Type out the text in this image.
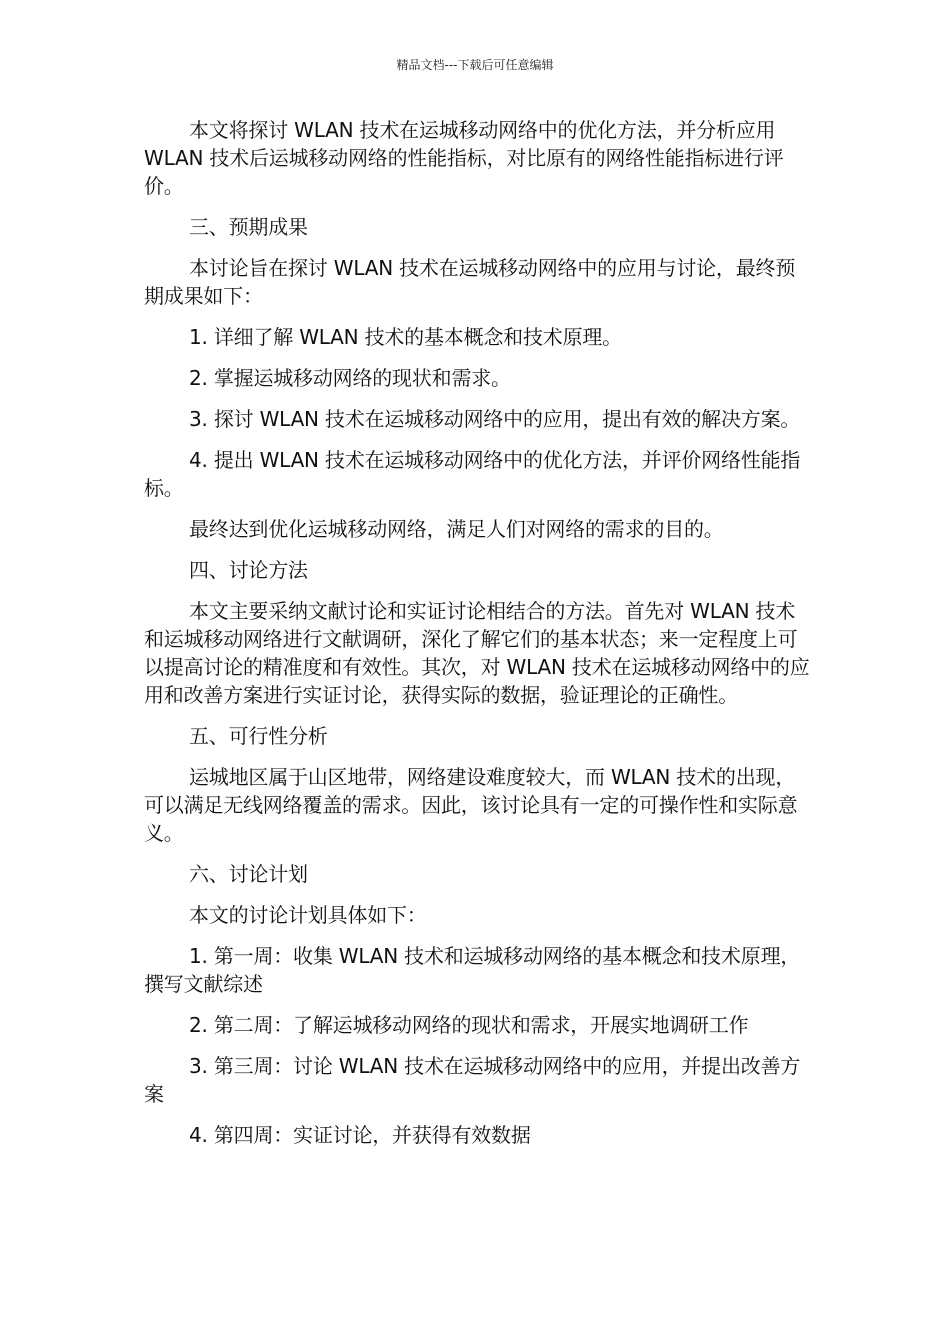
精品文档---下载后可任意编辑

本文将探讨 WLAN 技术在运城移动网络中的优化方法，并分析应用 WLAN 技术后运城移动网络的性能指标，对比原有的网络性能指标进行评价。

三、预期成果

本讨论旨在探讨 WLAN 技术在运城移动网络中的应用与讨论，最终预期成果如下：

1. 详细了解 WLAN 技术的基本概念和技术原理。

2. 掌握运城移动网络的现状和需求。

3. 探讨 WLAN 技术在运城移动网络中的应用，提出有效的解决方案。

4. 提出 WLAN 技术在运城移动网络中的优化方法，并评价网络性能指标。

最终达到优化运城移动网络，满足人们对网络的需求的目的。

四、讨论方法

本文主要采纳文献讨论和实证讨论相结合的方法。首先对 WLAN 技术和运城移动网络进行文献调研，深化了解它们的基本状态；来一定程度上可以提高讨论的精准度和有效性。其次，对 WLAN 技术在运城移动网络中的应用和改善方案进行实证讨论，获得实际的数据，验证理论的正确性。

五、可行性分析

运城地区属于山区地带，网络建设难度较大，而 WLAN 技术的出现，可以满足无线网络覆盖的需求。因此，该讨论具有一定的可操作性和实际意义。

六、讨论计划

本文的讨论计划具体如下：

1. 第一周：收集 WLAN 技术和运城移动网络的基本概念和技术原理，撰写文献综述

2. 第二周：了解运城移动网络的现状和需求，开展实地调研工作

3. 第三周：讨论 WLAN 技术在运城移动网络中的应用，并提出改善方案

4. 第四周：实证讨论，并获得有效数据
